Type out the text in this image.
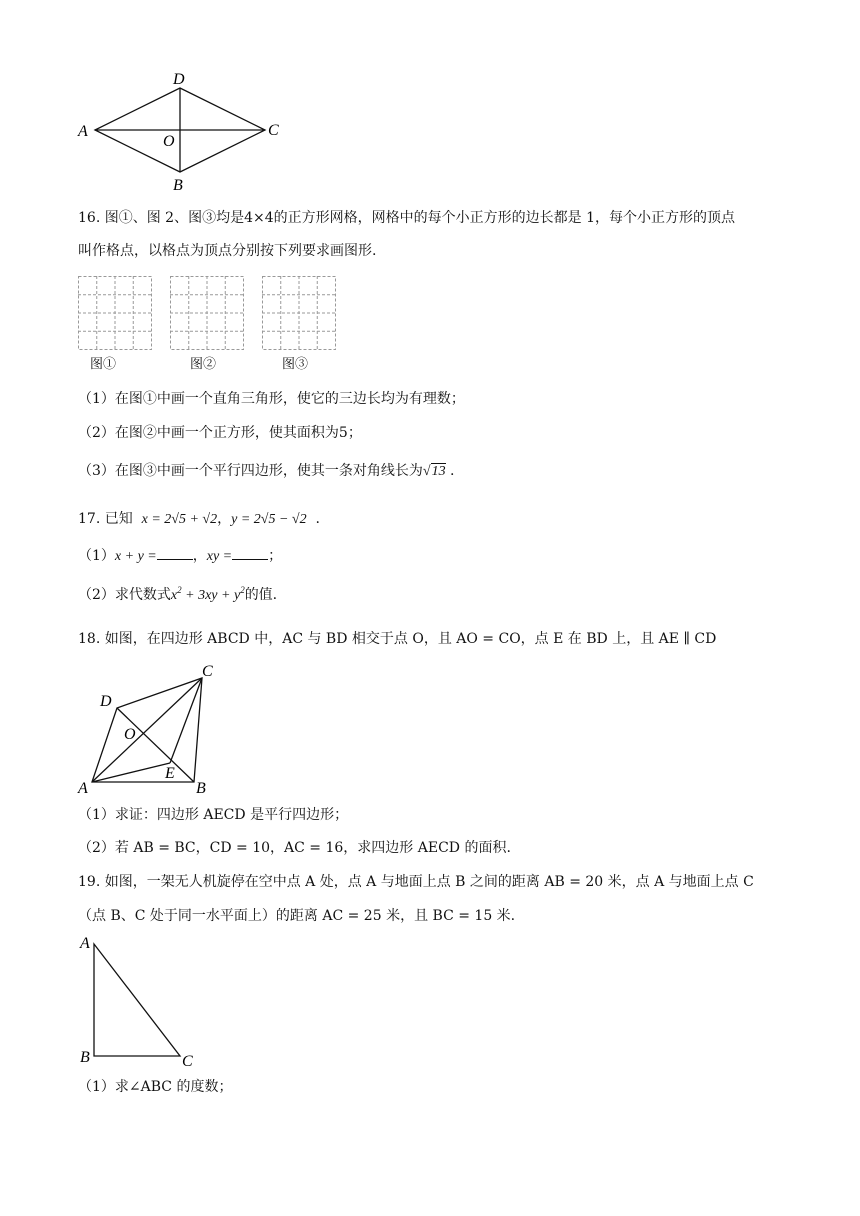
D
A
O
C
B
16. 图①、图 2、图③均是4×4的正方形网格，网格中的每个小正方形的边长都是 1，每个小正方形的顶点
叫作格点，以格点为顶点分别按下列要求画图形.
图①	图②	图③
（1）在图①中画一个直角三角形，使它的三边长均为有理数；
（2）在图②中画一个正方形，使其面积为5；
（3）在图③中画一个平行四边形，使其一条对角线长为√13 .
17. 已知 x = 2√5 + √2，y = 2√5 − √2  .
（1）x + y =	，xy =	；
（2）求代数式$x^2 + 3xy + y^2$的值.
18. 如图，在四边形 ABCD 中，AC 与 BD 相交于点 O，且 AO = CO，点 E 在 BD 上，且 AE ∥ CD
C
D
O
E
A	B
（1）求证：四边形 AECD 是平行四边形；
（2）若 AB = BC，CD = 10，AC = 16，求四边形 AECD 的面积.
19. 如图，一架无人机旋停在空中点 A 处，点 A 与地面上点 B 之间的距离 AB = 20 米，点 A 与地面上点 C
（点 B、C 处于同一水平面上）的距离 AC = 25 米，且 BC = 15 米.
A
B	C
（1）求∠ABC 的度数；
